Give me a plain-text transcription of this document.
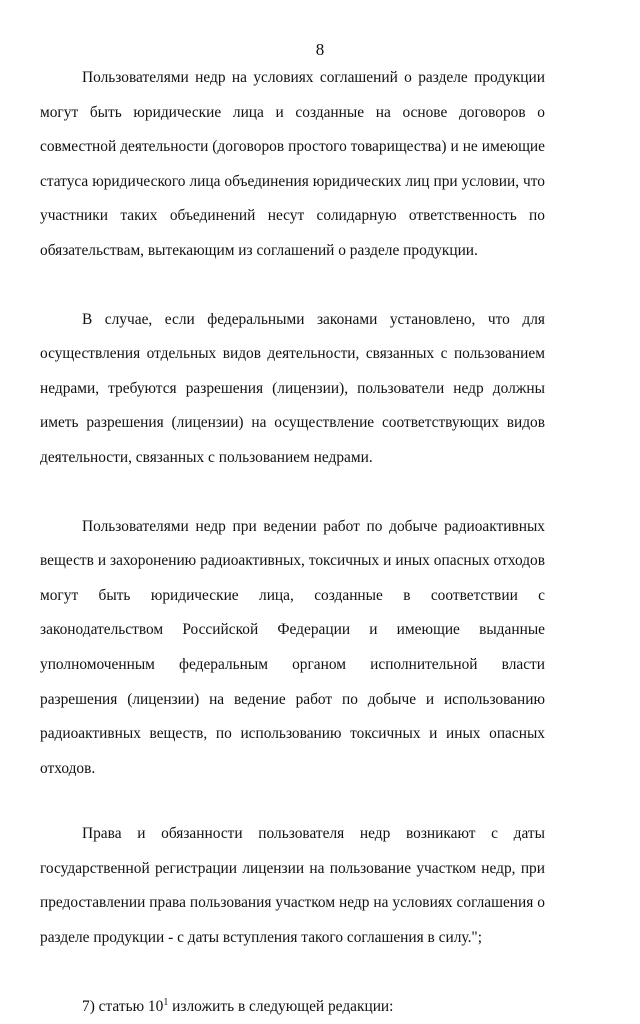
8

Пользователями недр на условиях соглашений о разделе продукции могут быть юридические лица и созданные на основе договоров о совместной деятельности (договоров простого товарищества) и не имеющие статуса юридического лица объединения юридических лиц при условии, что участники таких объединений несут солидарную ответственность по обязательствам, вытекающим из соглашений о разделе продукции.

В случае, если федеральными законами установлено, что для осуществления отдельных видов деятельности, связанных с пользованием недрами, требуются разрешения (лицензии), пользователи недр должны иметь разрешения (лицензии) на осуществление соответствующих видов деятельности, связанных с пользованием недрами.

Пользователями недр при ведении работ по добыче радиоактивных веществ и захоронению радиоактивных, токсичных и иных опасных отходов могут быть юридические лица, созданные в соответствии с законодательством Российской Федерации и имеющие выданные уполномоченным федеральным органом исполнительной власти разрешения (лицензии) на ведение работ по добыче и использованию радиоактивных веществ, по использованию токсичных и иных опасных отходов.

Права и обязанности пользователя недр возникают с даты государственной регистрации лицензии на пользование участком недр, при предоставлении права пользования участком недр на условиях соглашения о разделе продукции - с даты вступления такого соглашения в силу.";

7) статью $10^1$ изложить в следующей редакции:
